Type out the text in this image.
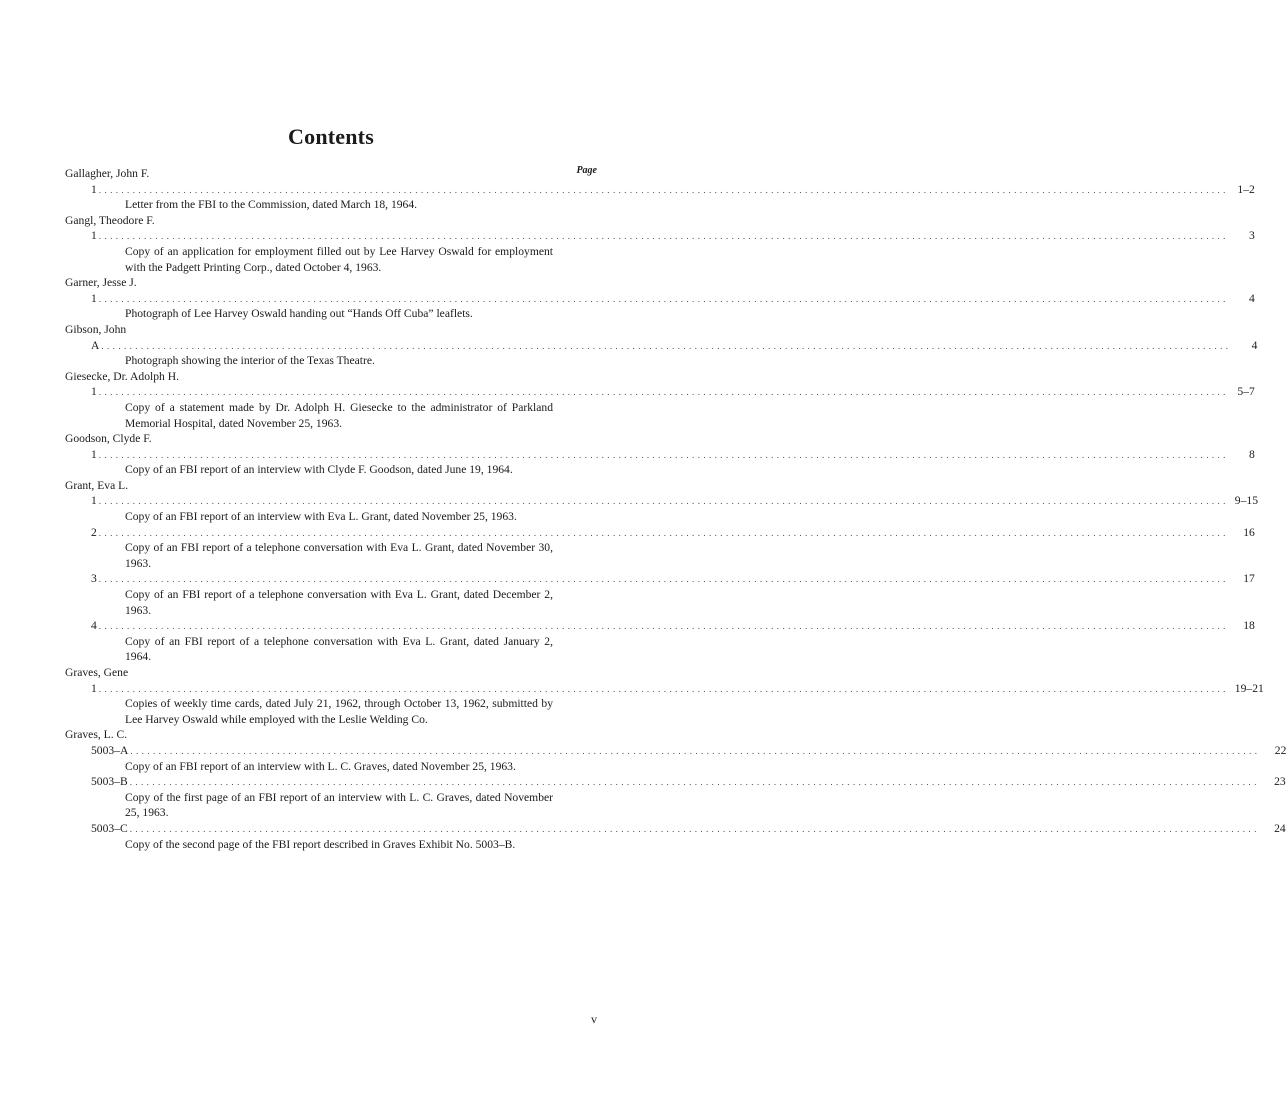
Contents
Page
Gallagher, John F.
1 ........................................................................................................................................................................................................ 1–2
Letter from the FBI to the Commission, dated March 18, 1964.
Gangl, Theodore F.
1 ........................................................................................................................................................................................................	3
Copy of an application for employment filled out by Lee Harvey Oswald for employment with the Padgett Printing Corp., dated October 4, 1963.
Garner, Jesse J.
1 ........................................................................................................................................................................................................	4
Photograph of Lee Harvey Oswald handing out “Hands Off Cuba” leaflets.
Gibson, John
A ........................................................................................................................................................................................................	4
Photograph showing the interior of the Texas Theatre.
Giesecke, Dr. Adolph H.
1 ........................................................................................................................................................................................................ 5–7
Copy of a statement made by Dr. Adolph H. Giesecke to the administrator of Parkland Memorial Hospital, dated November 25, 1963.
Goodson, Clyde F.
1 ........................................................................................................................................................................................................	8
Copy of an FBI report of an interview with Clyde F. Goodson, dated June 19, 1964.
Grant, Eva L.
1 ........................................................................................................................................................................................................ 9–15
Copy of an FBI report of an interview with Eva L. Grant, dated November 25, 1963.
2 ........................................................................................................................................................................................................	16
Copy of an FBI report of a telephone conversation with Eva L. Grant, dated November 30, 1963.
3 ........................................................................................................................................................................................................	17
Copy of an FBI report of a telephone conversation with Eva L. Grant, dated December 2, 1963.
4 ........................................................................................................................................................................................................	18
Copy of an FBI report of a telephone conversation with Eva L. Grant, dated January 2, 1964.
Graves, Gene
1 ........................................................................................................................................................................................................ 19–21
Copies of weekly time cards, dated July 21, 1962, through October 13, 1962, submitted by Lee Harvey Oswald while employed with the Leslie Welding Co.
Graves, L. C.
5003–A ........................................................................................................................................................................................................	22
Copy of an FBI report of an interview with L. C. Graves, dated November 25, 1963.
5003–B ........................................................................................................................................................................................................	23
Copy of the first page of an FBI report of an interview with L. C. Graves, dated November 25, 1963.
5003–C ........................................................................................................................................................................................................	24
Copy of the second page of the FBI report described in Graves Exhibit No. 5003–B.
v
